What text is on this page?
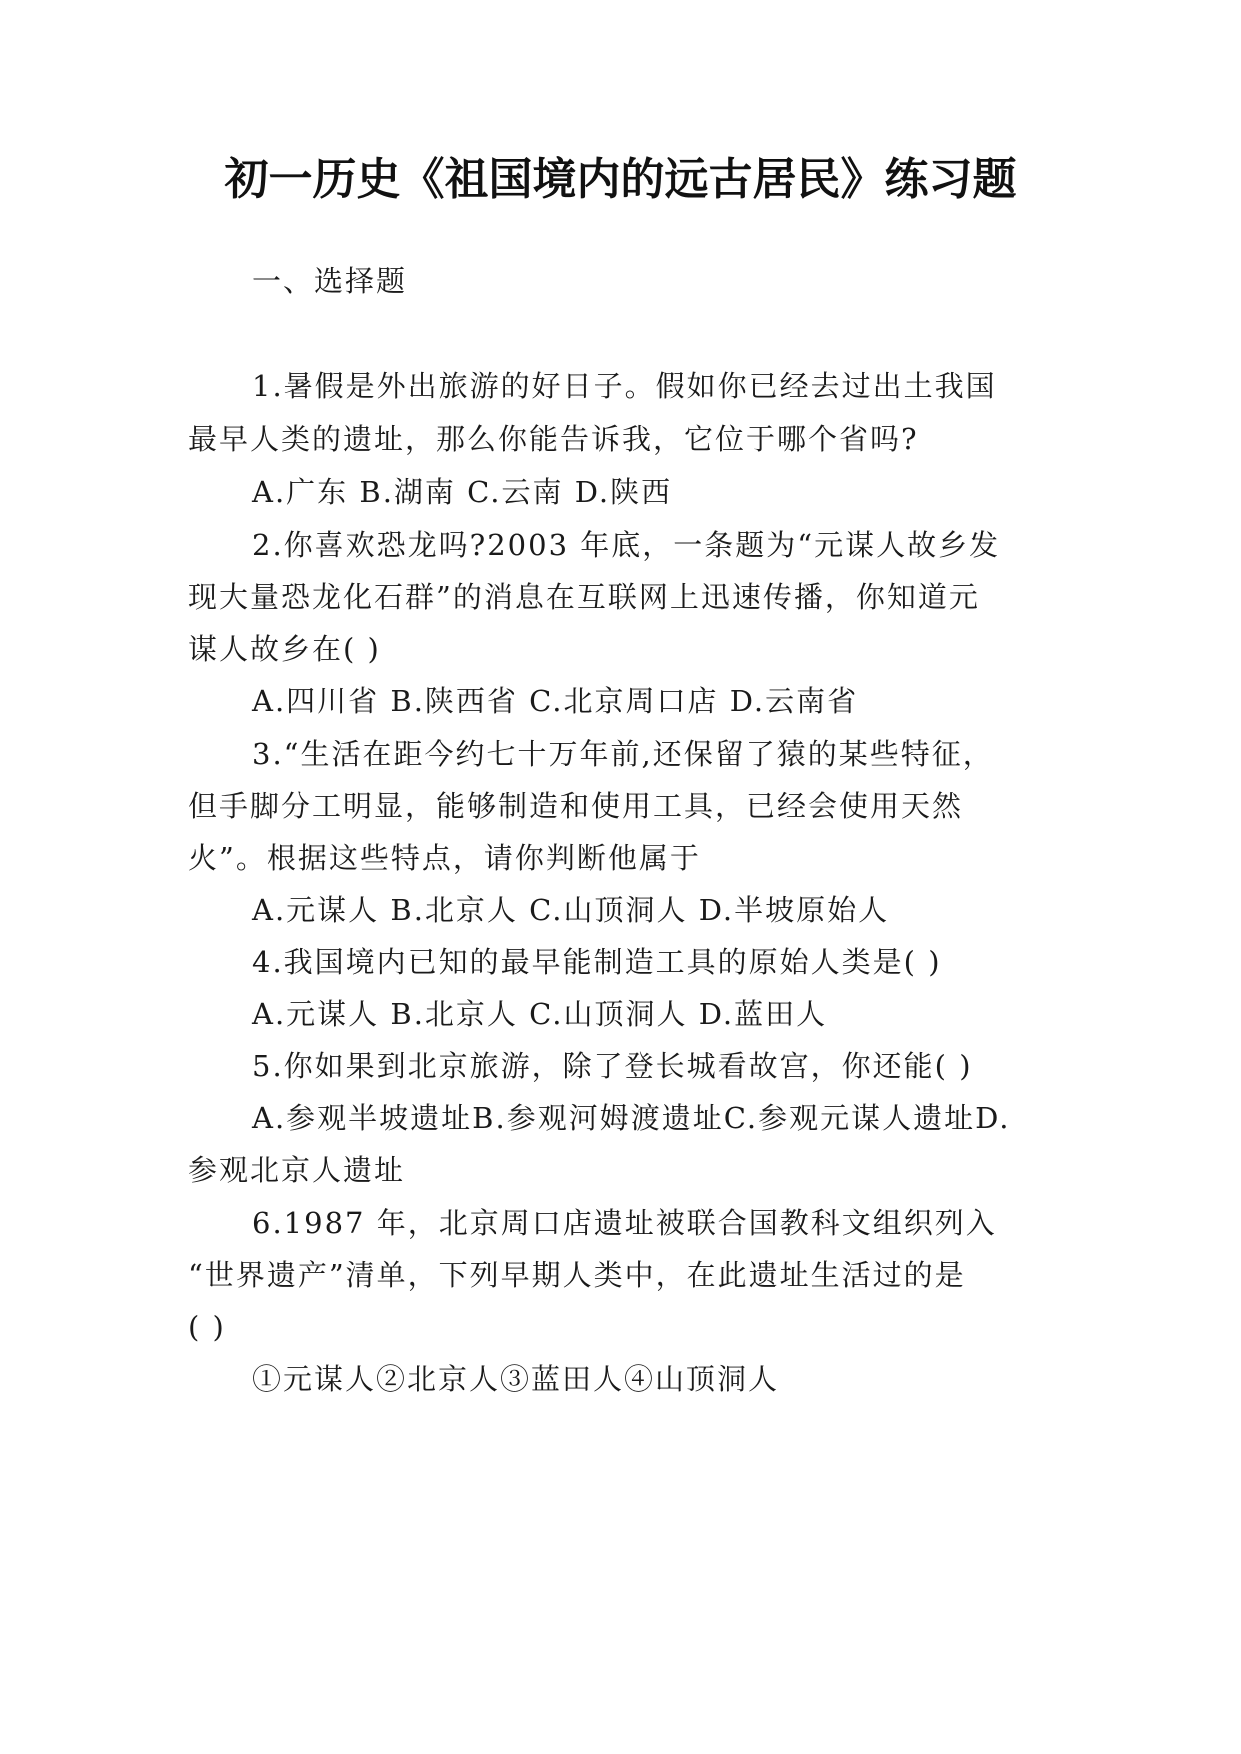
初一历史《祖国境内的远古居民》练习题
一、选择题
1.暑假是外出旅游的好日子。假如你已经去过出土我国
最早人类的遗址，那么你能告诉我，它位于哪个省吗?
A.广东 B.湖南 C.云南 D.陕西
2.你喜欢恐龙吗?2003 年底，一条题为“元谋人故乡发
现大量恐龙化石群”的消息在互联网上迅速传播，你知道元
谋人故乡在( )
A.四川省 B.陕西省 C.北京周口店 D.云南省
3.“生活在距今约七十万年前,还保留了猿的某些特征，
但手脚分工明显，能够制造和使用工具，已经会使用天然
火”。根据这些特点，请你判断他属于
A.元谋人 B.北京人 C.山顶洞人 D.半坡原始人
4.我国境内已知的最早能制造工具的原始人类是( )
A.元谋人 B.北京人 C.山顶洞人 D.蓝田人
5.你如果到北京旅游，除了登长城看故宫，你还能( )
A.参观半坡遗址B.参观河姆渡遗址C.参观元谋人遗址D.
参观北京人遗址
6.1987 年，北京周口店遗址被联合国教科文组织列入
“世界遗产”清单，下列早期人类中，在此遗址生活过的是
( )
①元谋人②北京人③蓝田人④山顶洞人
